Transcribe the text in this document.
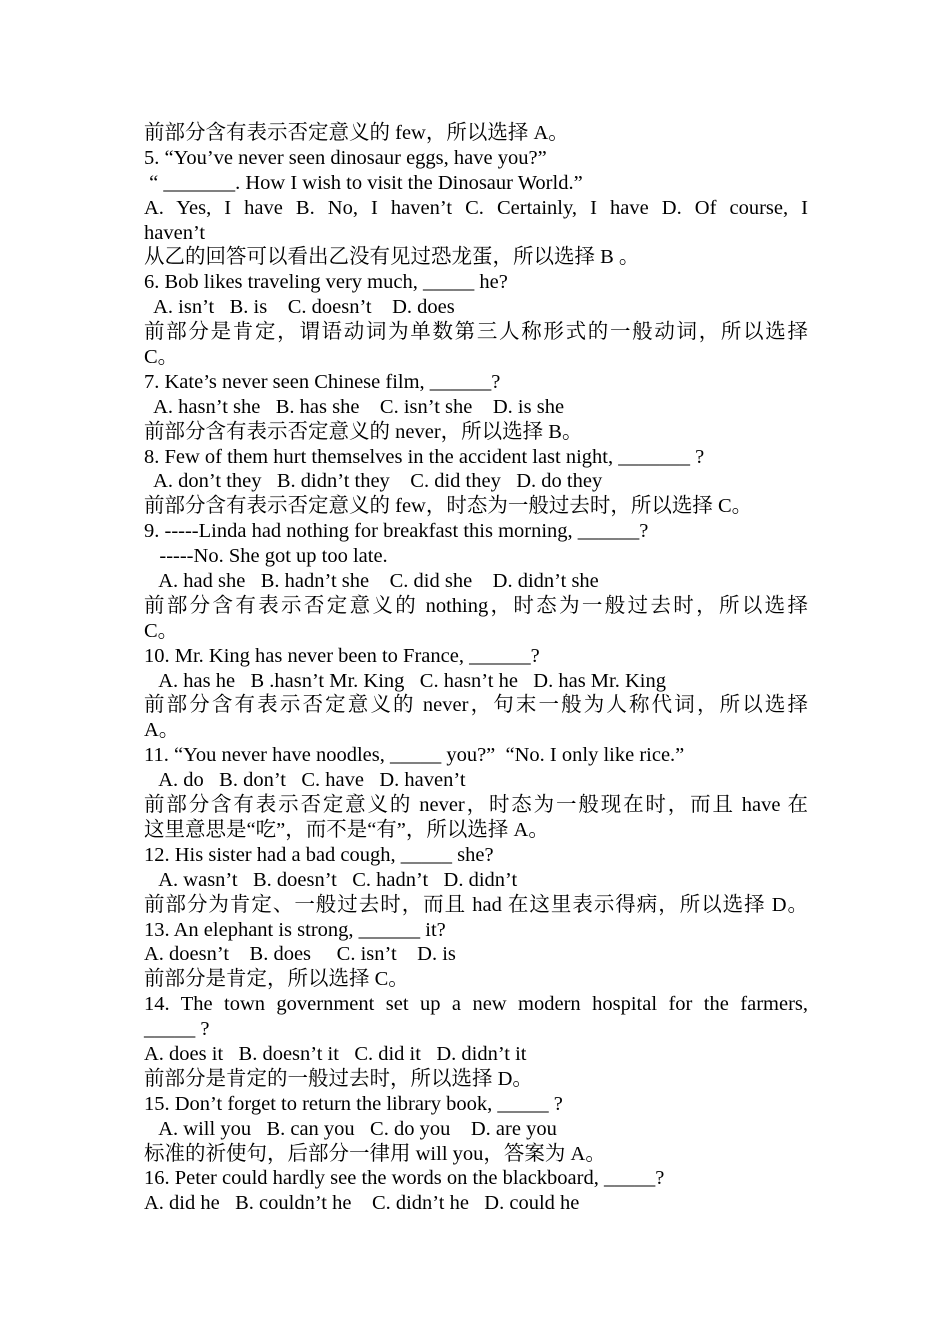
前部分含有表示否定意义的 few，所以选择 A。
5. “You’ve never seen dinosaur eggs, have you?”
“ _______. How I wish to visit the Dinosaur World.”
A. Yes, I have B. No, I haven’t C. Certainly, I have D. Of course, I
haven’t
从乙的回答可以看出乙没有见过恐龙蛋，所以选择 B 。
6. Bob likes traveling very much, _____ he?
A. isn’t   B. is    C. doesn’t    D. does
前部分是肯定，谓语动词为单数第三人称形式的一般动词，所以选择
C。
7. Kate’s never seen Chinese film, ______?
A. hasn’t she   B. has she    C. isn’t she    D. is she
前部分含有表示否定意义的 never，所以选择 B。
8. Few of them hurt themselves in the accident last night, _______ ?
A. don’t they   B. didn’t they    C. did they   D. do they
前部分含有表示否定意义的 few，时态为一般过去时，所以选择 C。
9. -----Linda had nothing for breakfast this morning, ______?
-----No. She got up too late.
A. had she   B. hadn’t she    C. did she    D. didn’t she
前部分含有表示否定意义的 nothing，时态为一般过去时，所以选择
C。
10. Mr. King has never been to France, ______?
A. has he   B .hasn’t Mr. King   C. hasn’t he   D. has Mr. King
前部分含有表示否定意义的 never，句末一般为人称代词，所以选择
A。
11. “You never have noodles, _____ you?”  “No. I only like rice.”
A. do   B. don’t   C. have   D. haven’t
前部分含有表示否定意义的 never，时态为一般现在时，而且 have 在
这里意思是“吃”，而不是“有”，所以选择 A。
12. His sister had a bad cough, _____ she?
A. wasn’t   B. doesn’t   C. hadn’t   D. didn’t
前部分为肯定、一般过去时，而且 had 在这里表示得病，所以选择 D。
13. An elephant is strong, ______ it?
A. doesn’t    B. does     C. isn’t    D. is
前部分是肯定，所以选择 C。
14. The town government set up a new modern hospital for the farmers,
_____ ?
A. does it   B. doesn’t it   C. did it   D. didn’t it
前部分是肯定的一般过去时，所以选择 D。
15. Don’t forget to return the library book, _____ ?
A. will you   B. can you   C. do you    D. are you
标准的祈使句，后部分一律用 will you，答案为 A。
16. Peter could hardly see the words on the blackboard, _____?
A. did he   B. couldn’t he    C. didn’t he   D. could he
